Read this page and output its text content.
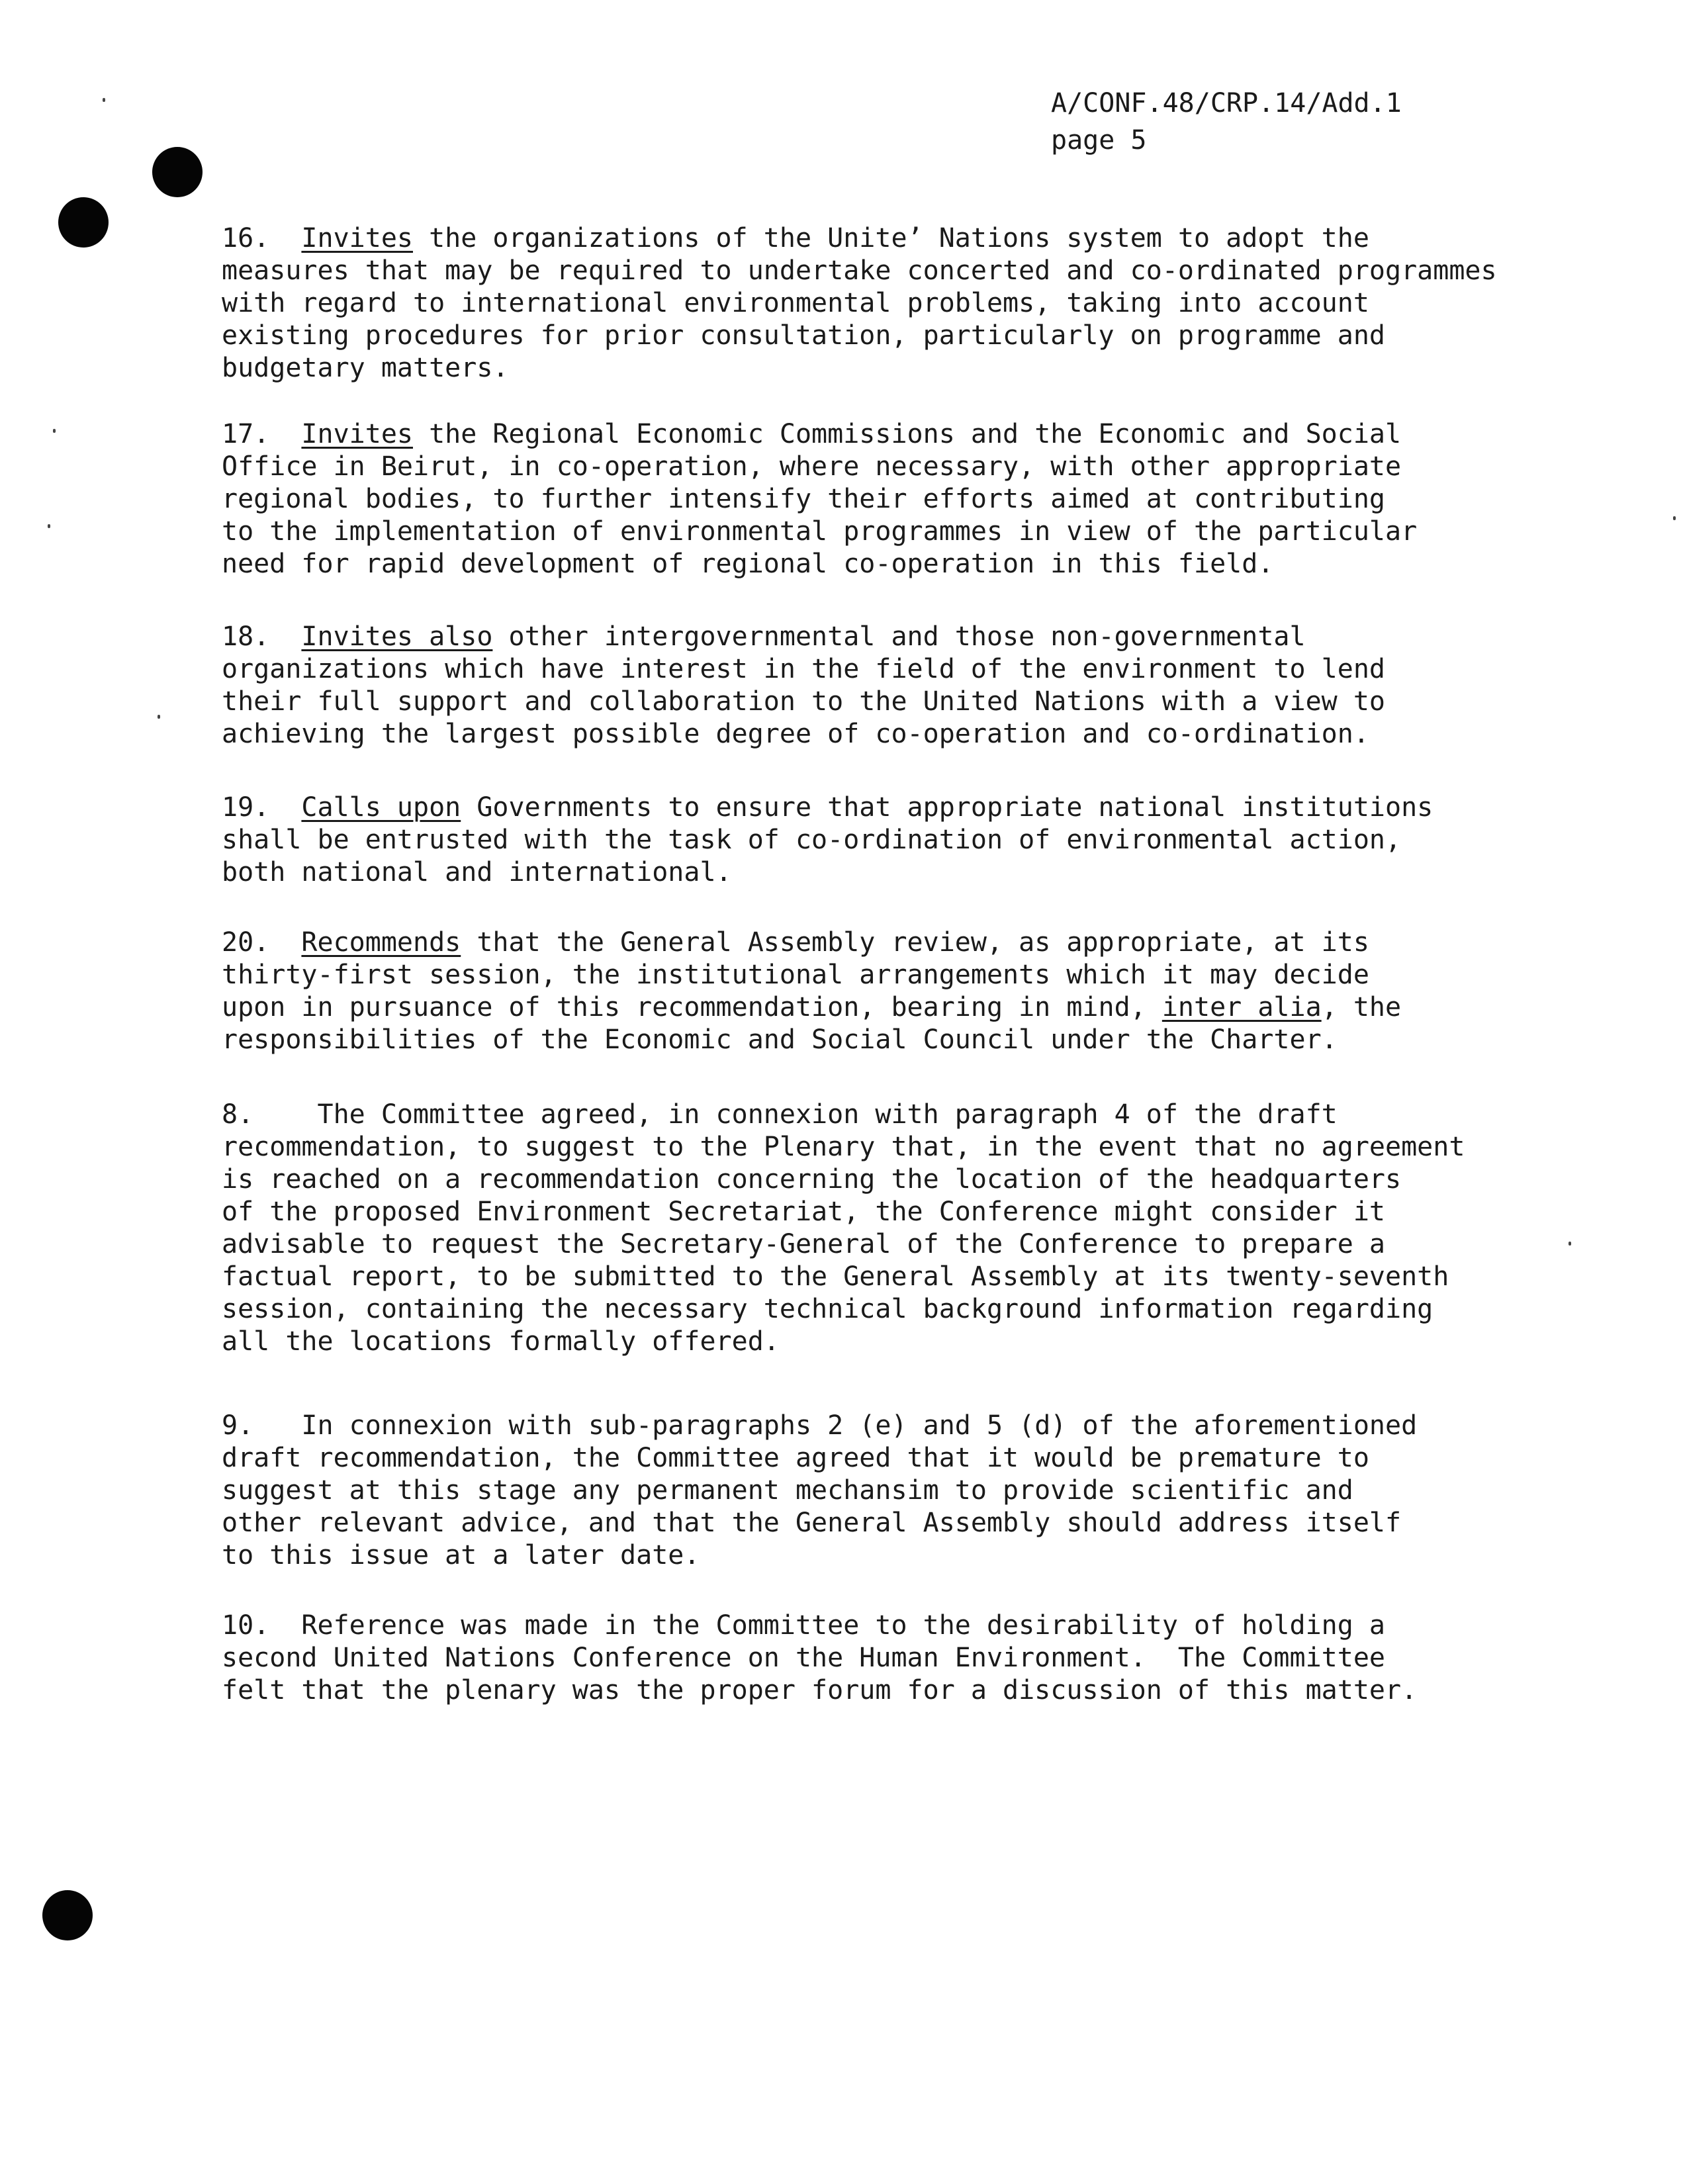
A/CONF.48/CRP.14/Add.1
page 5
16. Invites the organizations of the Uniteʼ Nations system to adopt the
measures that may be required to undertake concerted and co-ordinated programmes
with regard to international environmental problems, taking into account
existing procedures for prior consultation, particularly on programme and
budgetary matters.
17. Invites the Regional Economic Commissions and the Economic and Social
Office in Beirut, in co-operation, where necessary, with other appropriate
regional bodies, to further intensify their efforts aimed at contributing
to the implementation of environmental programmes in view of the particular
need for rapid development of regional co-operation in this field.
18. Invites also other intergovernmental and those non-governmental
organizations which have interest in the field of the environment to lend
their full support and collaboration to the United Nations with a view to
achieving the largest possible degree of co-operation and co-ordination.
19. Calls upon Governments to ensure that appropriate national institutions
shall be entrusted with the task of co-ordination of environmental action,
both national and international.
20. Recommends that the General Assembly review, as appropriate, at its
thirty-first session, the institutional arrangements which it may decide
upon in pursuance of this recommendation, bearing in mind, inter alia, the
responsibilities of the Economic and Social Council under the Charter.
8. The Committee agreed, in connexion with paragraph 4 of the draft
recommendation, to suggest to the Plenary that, in the event that no agreement
is reached on a recommendation concerning the location of the headquarters
of the proposed Environment Secretariat, the Conference might consider it
advisable to request the Secretary-General of the Conference to prepare a
factual report, to be submitted to the General Assembly at its twenty-seventh
session, containing the necessary technical background information regarding
all the locations formally offered.
9. In connexion with sub-paragraphs 2 (e) and 5 (d) of the aforementioned
draft recommendation, the Committee agreed that it would be premature to
suggest at this stage any permanent mechansim to provide scientific and
other relevant advice, and that the General Assembly should address itself
to this issue at a later date.
10. Reference was made in the Committee to the desirability of holding a
second United Nations Conference on the Human Environment.  The Committee
felt that the plenary was the proper forum for a discussion of this matter.
